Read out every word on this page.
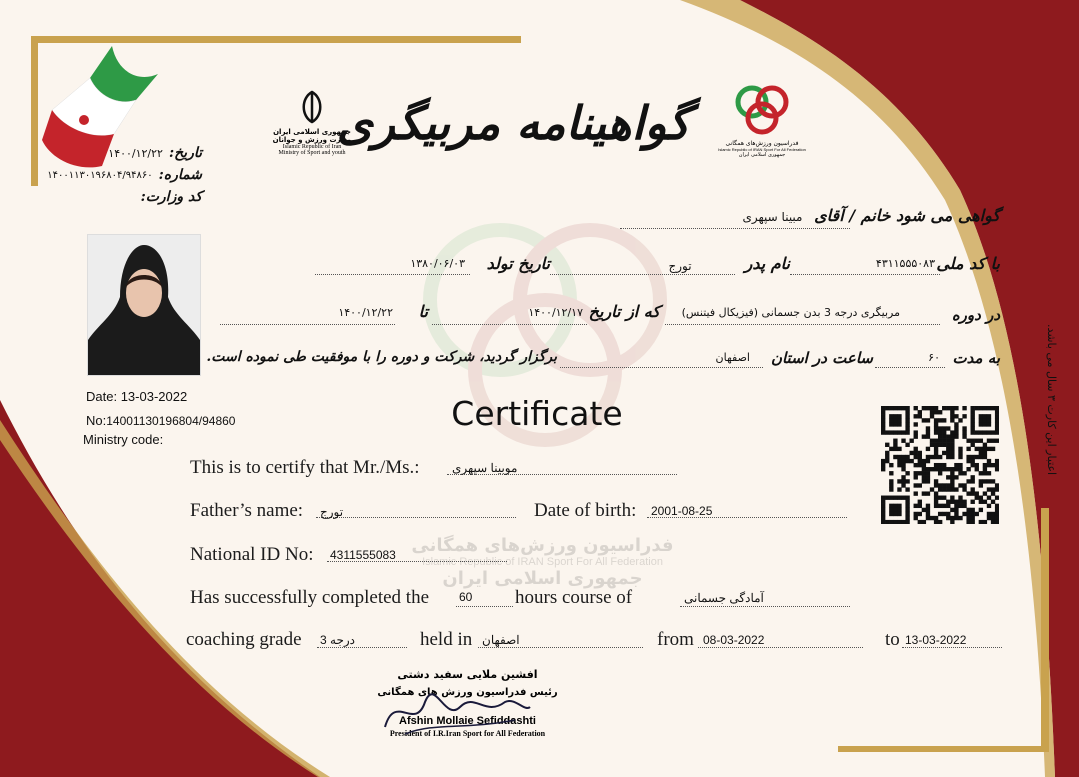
جمهوری اسلامی ایران
وزارت ورزش و جوانان
Islamic Republic of Iran
Ministry of Sport and youth
گواهینامه مربیگری	فدراسیون ورزش‌های همگانی
Islamic Republic of IRAN Sport For All Federation
جمهوری اسلامی ایران
۱۴۰۰/۱۲/۲۲ تاریخ:
۱۴۰۰۱۱۳۰۱۹۶۸۰۴/۹۴۸۶۰ شماره:
کد وزارت:
Date: 13-03-2022
No:14001130196804/94860
Ministry code:
گواهی می شود خانم / آقای
مبینا سپهری
با کد ملی
۴۳۱۱۵۵۵۰۸۳
نام پدر
تورج
تاریخ تولد
۱۳۸۰/۰۶/۰۳
در دوره
مربیگری درجه 3 بدن جسمانی (فیزیکال فیتنس)
که از تاریخ
۱۴۰۰/۱۲/۱۷
تا
۱۴۰۰/۱۲/۲۲
به مدت
۶۰
ساعت در استان
اصفهان
برگزار گردید، شرکت و دوره را با موفقیت طی نموده است.
Certificate
This is to certify that Mr./Ms.:	موبینا سپهری
Father’s name: تورج	Date of birth: 2001-08-25
National ID No: 4311555083 فدراسیون ورزش‌های همگانی
Islamic Republic of IRAN Sport For All Federation
جمهوری اسلامی ایران
Has successfully completed the 60 hours course of	آمادگی جسمانی
coaching grade 3 درجه	held in اصفهان	from 08-03-2022	to 13-03-2022
افشین ملایی سفید دشتی
رئیس فدراسیون ورزش های همگانی
Afshin Mollaie Sefiddashti
President of I.R.Iran Sport for All Federation
اعتبار این کارت ۳ سال می باشد.
